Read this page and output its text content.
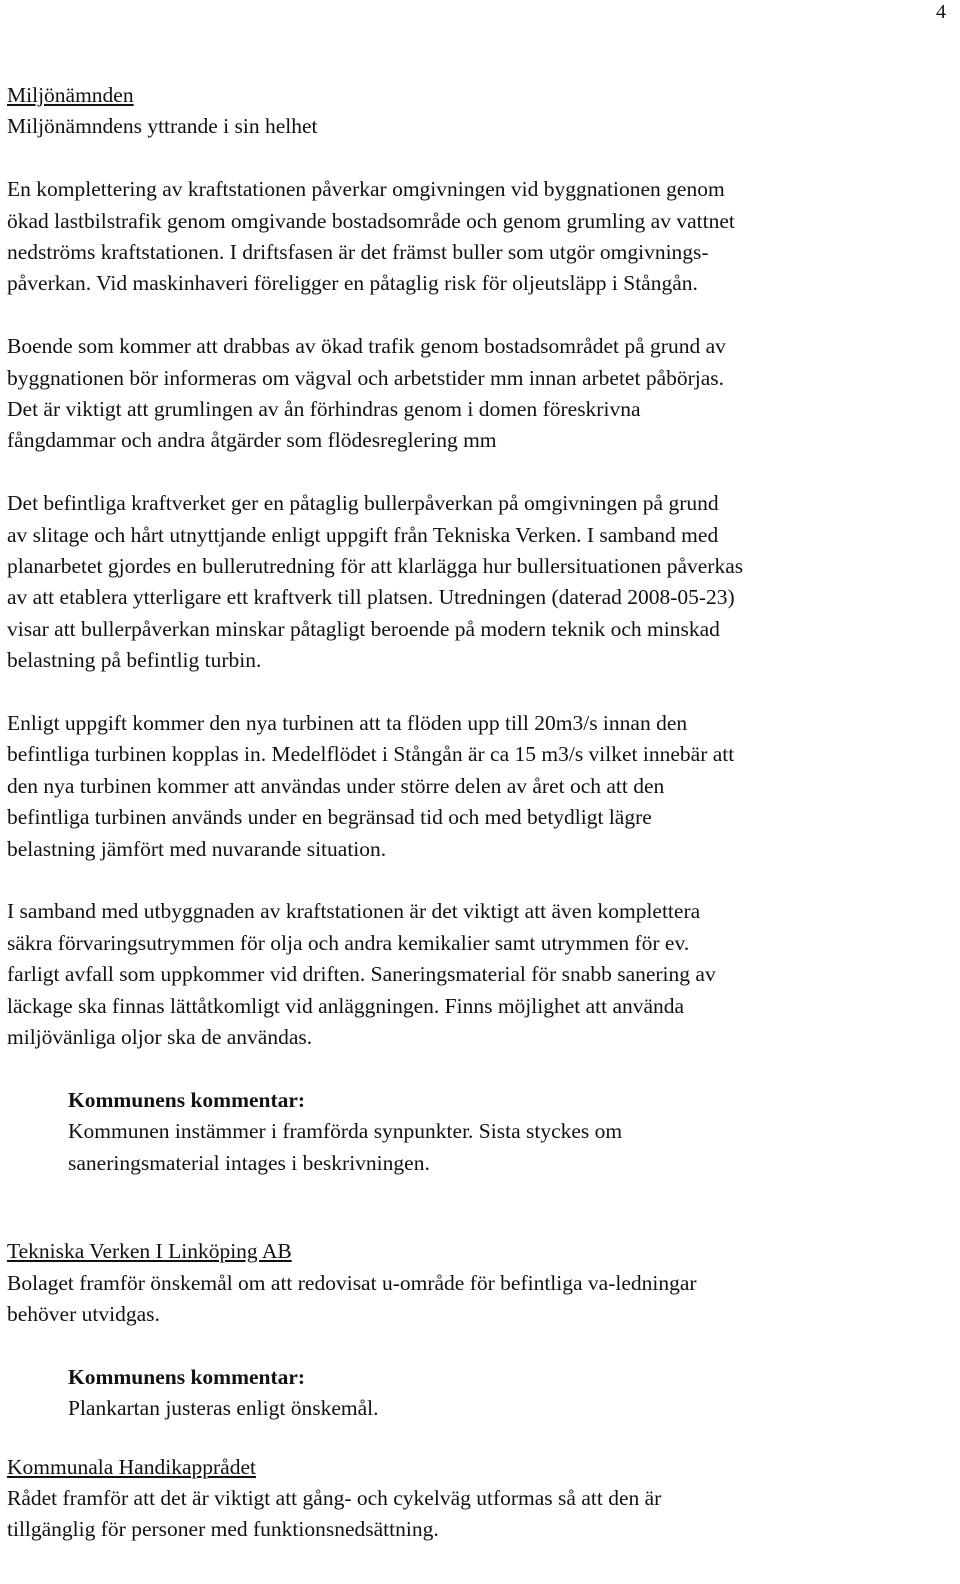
4

Miljönämnden

Miljönämndens yttrande i sin helhet

En komplettering av kraftstationen påverkar omgivningen vid byggnationen genom

ökad lastbilstrafik genom omgivande bostadsområde och genom grumling av vattnet

nedströms kraftstationen. I driftsfasen är det främst buller som utgör omgivnings-

påverkan. Vid maskinhaveri föreligger en påtaglig risk för oljeutsläpp i Stångån.

Boende som kommer att drabbas av ökad trafik genom bostadsområdet på grund av

byggnationen bör informeras om vägval och arbetstider mm innan arbetet påbörjas.

Det är viktigt att grumlingen av ån förhindras genom i domen föreskrivna

fångdammar och andra åtgärder som flödesreglering mm

Det befintliga kraftverket ger en påtaglig bullerpåverkan på omgivningen på grund

av slitage och hårt utnyttjande enligt uppgift från Tekniska Verken. I samband med

planarbetet gjordes en bullerutredning för att klarlägga hur bullersituationen påverkas

av att etablera ytterligare ett kraftverk till platsen. Utredningen (daterad 2008-05-23)

visar att bullerpåverkan minskar påtagligt beroende på modern teknik och minskad

belastning på befintlig turbin.

Enligt uppgift kommer den nya turbinen att ta flöden upp till 20m3/s innan den

befintliga turbinen kopplas in. Medelflödet i Stångån är ca 15 m3/s vilket innebär att

den nya turbinen kommer att användas under större delen av året och att den

befintliga turbinen används under en begränsad tid och med betydligt lägre

belastning jämfört med nuvarande situation.

I samband med utbyggnaden av kraftstationen är det viktigt att även komplettera

säkra förvaringsutrymmen för olja och andra kemikalier samt utrymmen för ev.

farligt avfall som uppkommer vid driften. Saneringsmaterial för snabb sanering av

läckage ska finnas lättåtkomligt vid anläggningen. Finns möjlighet att använda

miljövänliga oljor ska de användas.

Kommunens kommentar:

Kommunen instämmer i framförda synpunkter. Sista styckes om

saneringsmaterial intages i beskrivningen.

Tekniska Verken I Linköping AB

Bolaget framför önskemål om att redovisat u-område för befintliga va-ledningar

behöver utvidgas.

Kommunens kommentar:

Plankartan justeras enligt önskemål.

Kommunala Handikapprådet

Rådet framför att det är viktigt att gång- och cykelväg utformas så att den är

tillgänglig för personer med funktionsnedsättning.
